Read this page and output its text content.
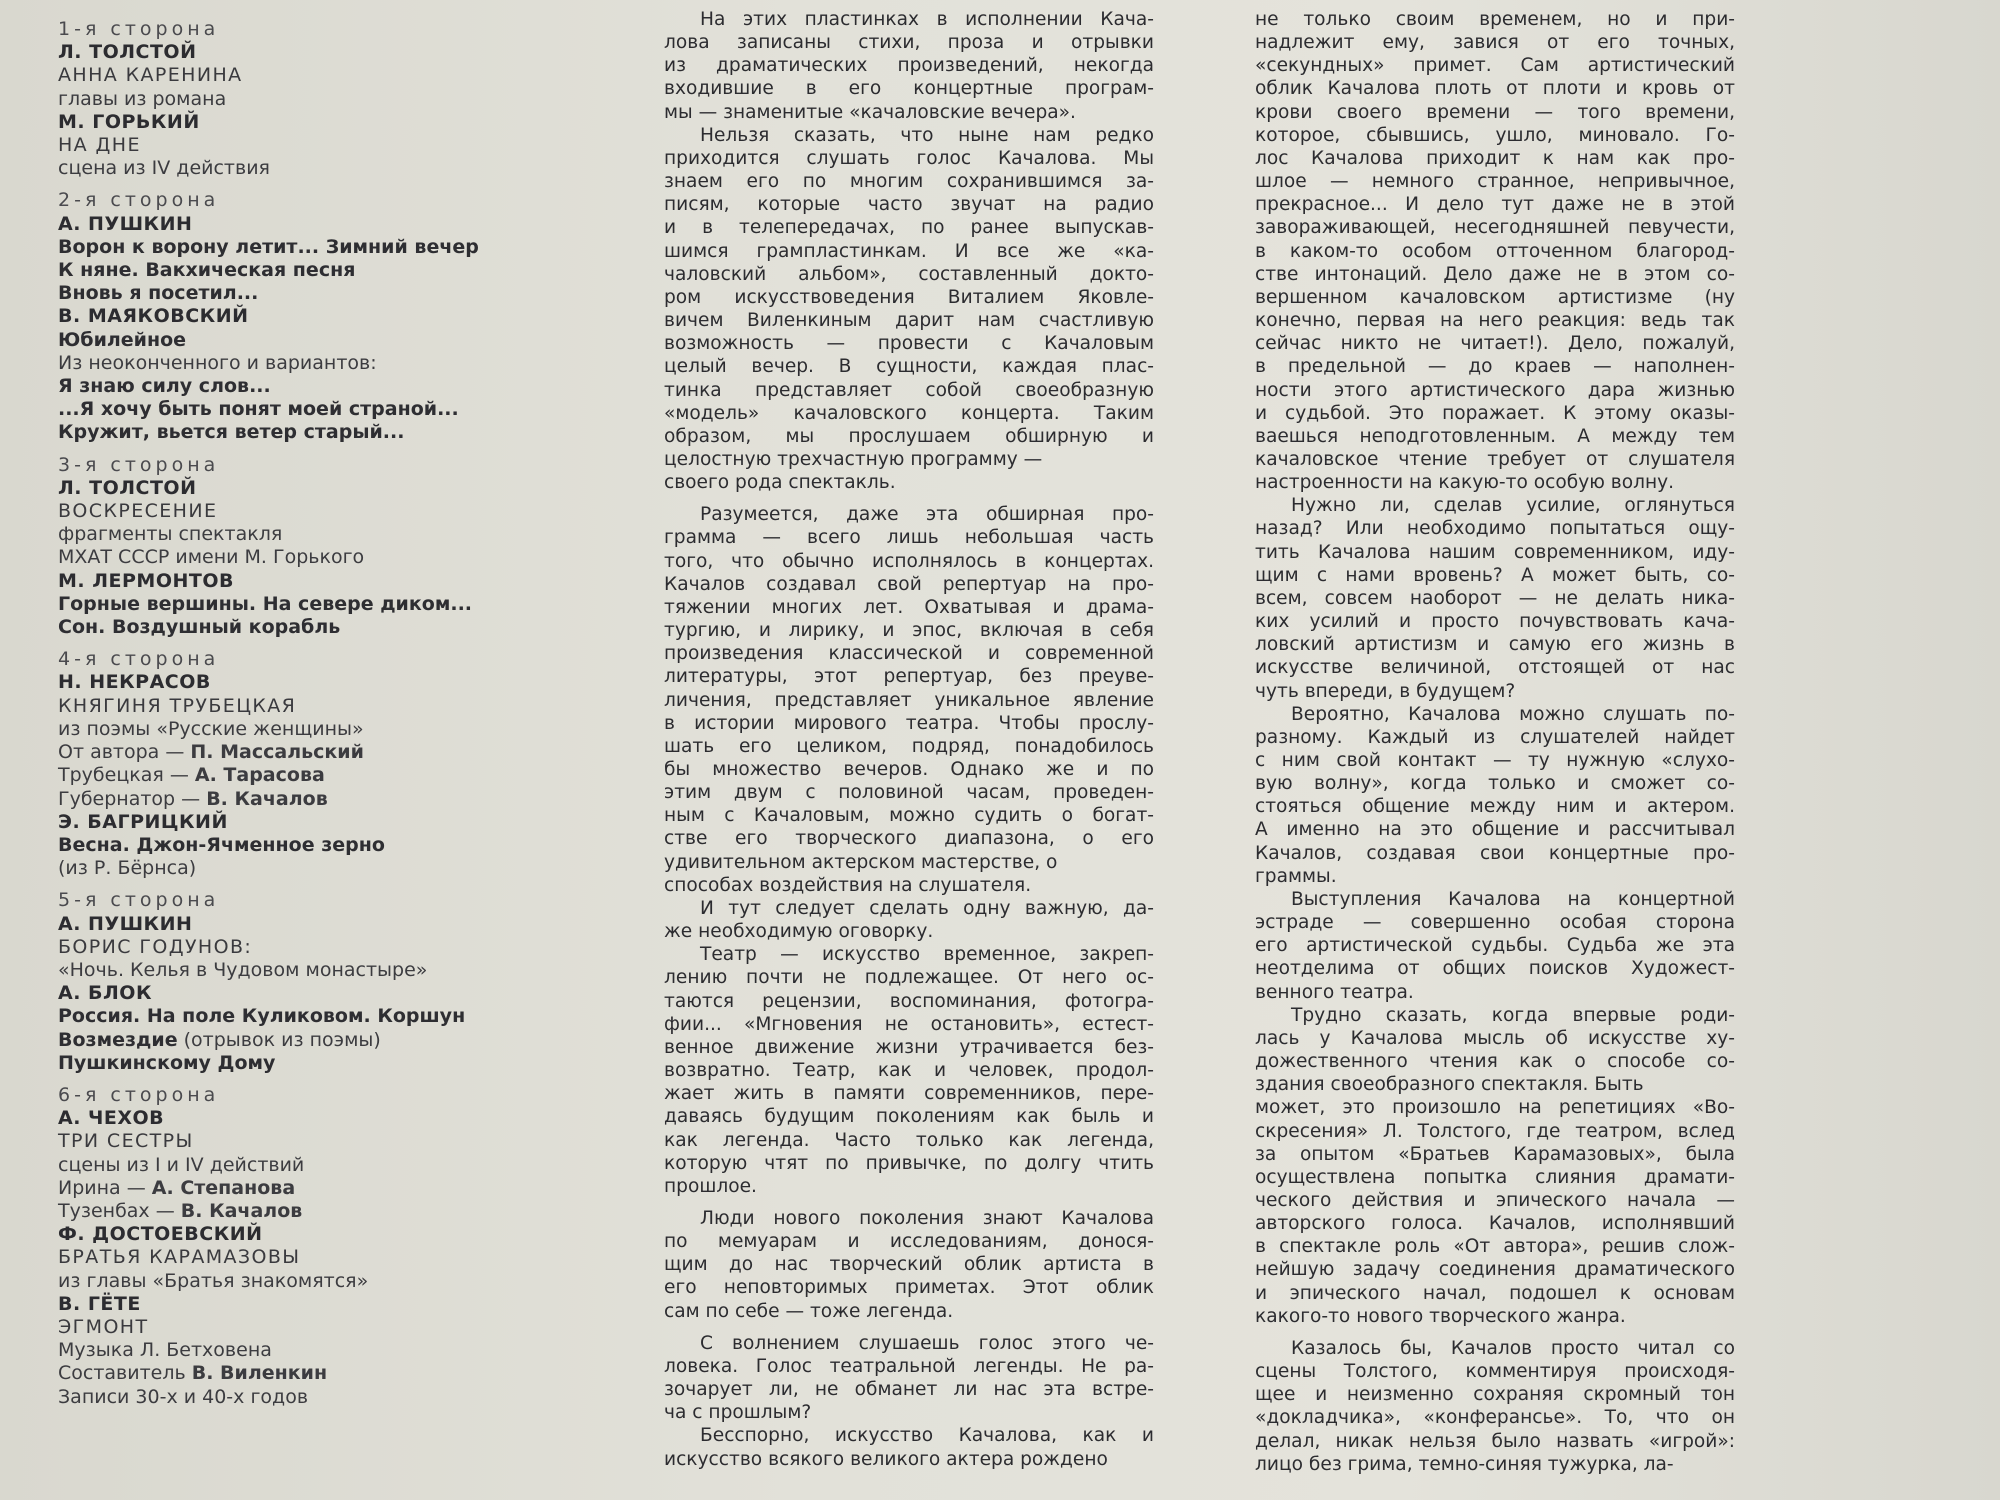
1-я сторона
Л. ТОЛСТОЙ
АННА КАРЕНИНА
главы из романа
М. ГОРЬКИЙ
НА ДНЕ
сцена из IV действия
2-я сторона
А. ПУШКИН
Ворон к ворону летит... Зимний вечер
К няне. Вакхическая песня
Вновь я посетил...
В. МАЯКОВСКИЙ
Юбилейное
Из неоконченного и вариантов:
Я знаю силу слов...
...Я хочу быть понят моей страной...
Кружит, вьется ветер старый...
3-я сторона
Л. ТОЛСТОЙ
ВОСКРЕСЕНИЕ
фрагменты спектакля
МХАТ СССР имени М. Горького
М. ЛЕРМОНТОВ
Горные вершины. На севере диком...
Сон. Воздушный корабль
4-я сторона
Н. НЕКРАСОВ
КНЯГИНЯ ТРУБЕЦКАЯ
из поэмы «Русские женщины»
От автора — П. Массальский
Трубецкая — А. Тарасова
Губернатор — В. Качалов
Э. БАГРИЦКИЙ
Весна. Джон-Ячменное зерно
(из Р. Бёрнса)
5-я сторона
А. ПУШКИН
БОРИС ГОДУНОВ:
«Ночь. Келья в Чудовом монастыре»
А. БЛОК
Россия. На поле Куликовом. Коршун
Возмездие (отрывок из поэмы)
Пушкинскому Дому
6-я сторона
А. ЧЕХОВ
ТРИ СЕСТРЫ
сцены из I и IV действий
Ирина — А. Степанова
Тузенбах — В. Качалов
Ф. ДОСТОЕВСКИЙ
БРАТЬЯ КАРАМАЗОВЫ
из главы «Братья знакомятся»
В. ГЁТЕ
ЭГМОНТ
Музыка Л. Бетховена
Составитель В. Виленкин
Записи 30-х и 40-х годов

На этих пластинках в исполнении Кача-
лова записаны стихи, проза и отрывки
из драматических произведений, некогда
входившие в его концертные програм-
мы — знаменитые «качаловские вечера».

Нельзя сказать, что ныне нам редко
приходится слушать голос Качалова. Мы
знаем его по многим сохранившимся за-
писям, которые часто звучат на радио
и в телепередачах, по ранее выпускав-
шимся грампластинкам. И все же «ка-
чаловский альбом», составленный докто-
ром искусствоведения Виталием Яковле-
вичем Виленкиным дарит нам счастливую
возможность — провести с Качаловым
целый вечер. В сущности, каждая плас-
тинка представляет собой своеобразную
«модель» качаловского концерта. Таким
образом, мы прослушаем обширную и
целостную трехчастную программу —
своего рода спектакль.

Разумеется, даже эта обширная про-
грамма — всего лишь небольшая часть
того, что обычно исполнялось в концертах.
Качалов создавал свой репертуар на про-
тяжении многих лет. Охватывая и драма-
тургию, и лирику, и эпос, включая в себя
произведения классической и современной
литературы, этот репертуар, без преуве-
личения, представляет уникальное явление
в истории мирового театра. Чтобы прослу-
шать его целиком, подряд, понадобилось
бы множество вечеров. Однако же и по
этим двум с половиной часам, проведен-
ным с Качаловым, можно судить о богат-
стве его творческого диапазона, о его
удивительном актерском мастерстве, о
способах воздействия на слушателя.

И тут следует сделать одну важную, да-
же необходимую оговорку.

Театр — искусство временное, закреп-
лению почти не подлежащее. От него ос-
таются рецензии, воспоминания, фотогра-
фии... «Мгновения не остановить», естест-
венное движение жизни утрачивается без-
возвратно. Театр, как и человек, продол-
жает жить в памяти современников, пере-
даваясь будущим поколениям как быль и
как легенда. Часто только как легенда,
которую чтят по привычке, по долгу чтить
прошлое.

Люди нового поколения знают Качалова
по мемуарам и исследованиям, донося-
щим до нас творческий облик артиста в
его неповторимых приметах. Этот облик
сам по себе — тоже легенда.

С волнением слушаешь голос этого че-
ловека. Голос театральной легенды. Не ра-
зочарует ли, не обманет ли нас эта встре-
ча с прошлым?

Бесспорно, искусство Качалова, как и
искусство всякого великого актера рождено

не только своим временем, но и при-
надлежит ему, завися от его точных,
«секундных» примет. Сам артистический
облик Качалова плоть от плоти и кровь от
крови своего времени — того времени,
которое, сбывшись, ушло, миновало. Го-
лос Качалова приходит к нам как про-
шлое — немного странное, непривычное,
прекрасное... И дело тут даже не в этой
завораживающей, несегодняшней певучести,
в каком-то особом отточенном благород-
стве интонаций. Дело даже не в этом со-
вершенном качаловском артистизме (ну
конечно, первая на него реакция: ведь так
сейчас никто не читает!). Дело, пожалуй,
в предельной — до краев — наполнен-
ности этого артистического дара жизнью
и судьбой. Это поражает. К этому оказы-
ваешься неподготовленным. А между тем
качаловское чтение требует от слушателя
настроенности на какую-то особую волну.

Нужно ли, сделав усилие, оглянуться
назад? Или необходимо попытаться ощу-
тить Качалова нашим современником, иду-
щим с нами вровень? А может быть, со-
всем, совсем наоборот — не делать ника-
ких усилий и просто почувствовать кача-
ловский артистизм и самую его жизнь в
искусстве величиной, отстоящей от нас
чуть впереди, в будущем?

Вероятно, Качалова можно слушать по-
разному. Каждый из слушателей найдет
с ним свой контакт — ту нужную «слухо-
вую волну», когда только и сможет со-
стояться общение между ним и актером.
А именно на это общение и рассчитывал
Качалов, создавая свои концертные про-
граммы.

Выступления Качалова на концертной
эстраде — совершенно особая сторона
его артистической судьбы. Судьба же эта
неотделима от общих поисков Художест-
венного театра.

Трудно сказать, когда впервые роди-
лась у Качалова мысль об искусстве ху-
дожественного чтения как о способе со-
здания своеобразного спектакля. Быть
может, это произошло на репетициях «Во-
скресения» Л. Толстого, где театром, вслед
за опытом «Братьев Карамазовых», была
осуществлена попытка слияния драмати-
ческого действия и эпического начала —
авторского голоса. Качалов, исполнявший
в спектакле роль «От автора», решив слож-
нейшую задачу соединения драматического
и эпического начал, подошел к основам
какого-то нового творческого жанра.

Казалось бы, Качалов просто читал со
сцены Толстого, комментируя происходя-
щее и неизменно сохраняя скромный тон
«докладчика», «конферансье». То, что он
делал, никак нельзя было назвать «игрой»:
лицо без грима, темно-синяя тужурка, ла-
